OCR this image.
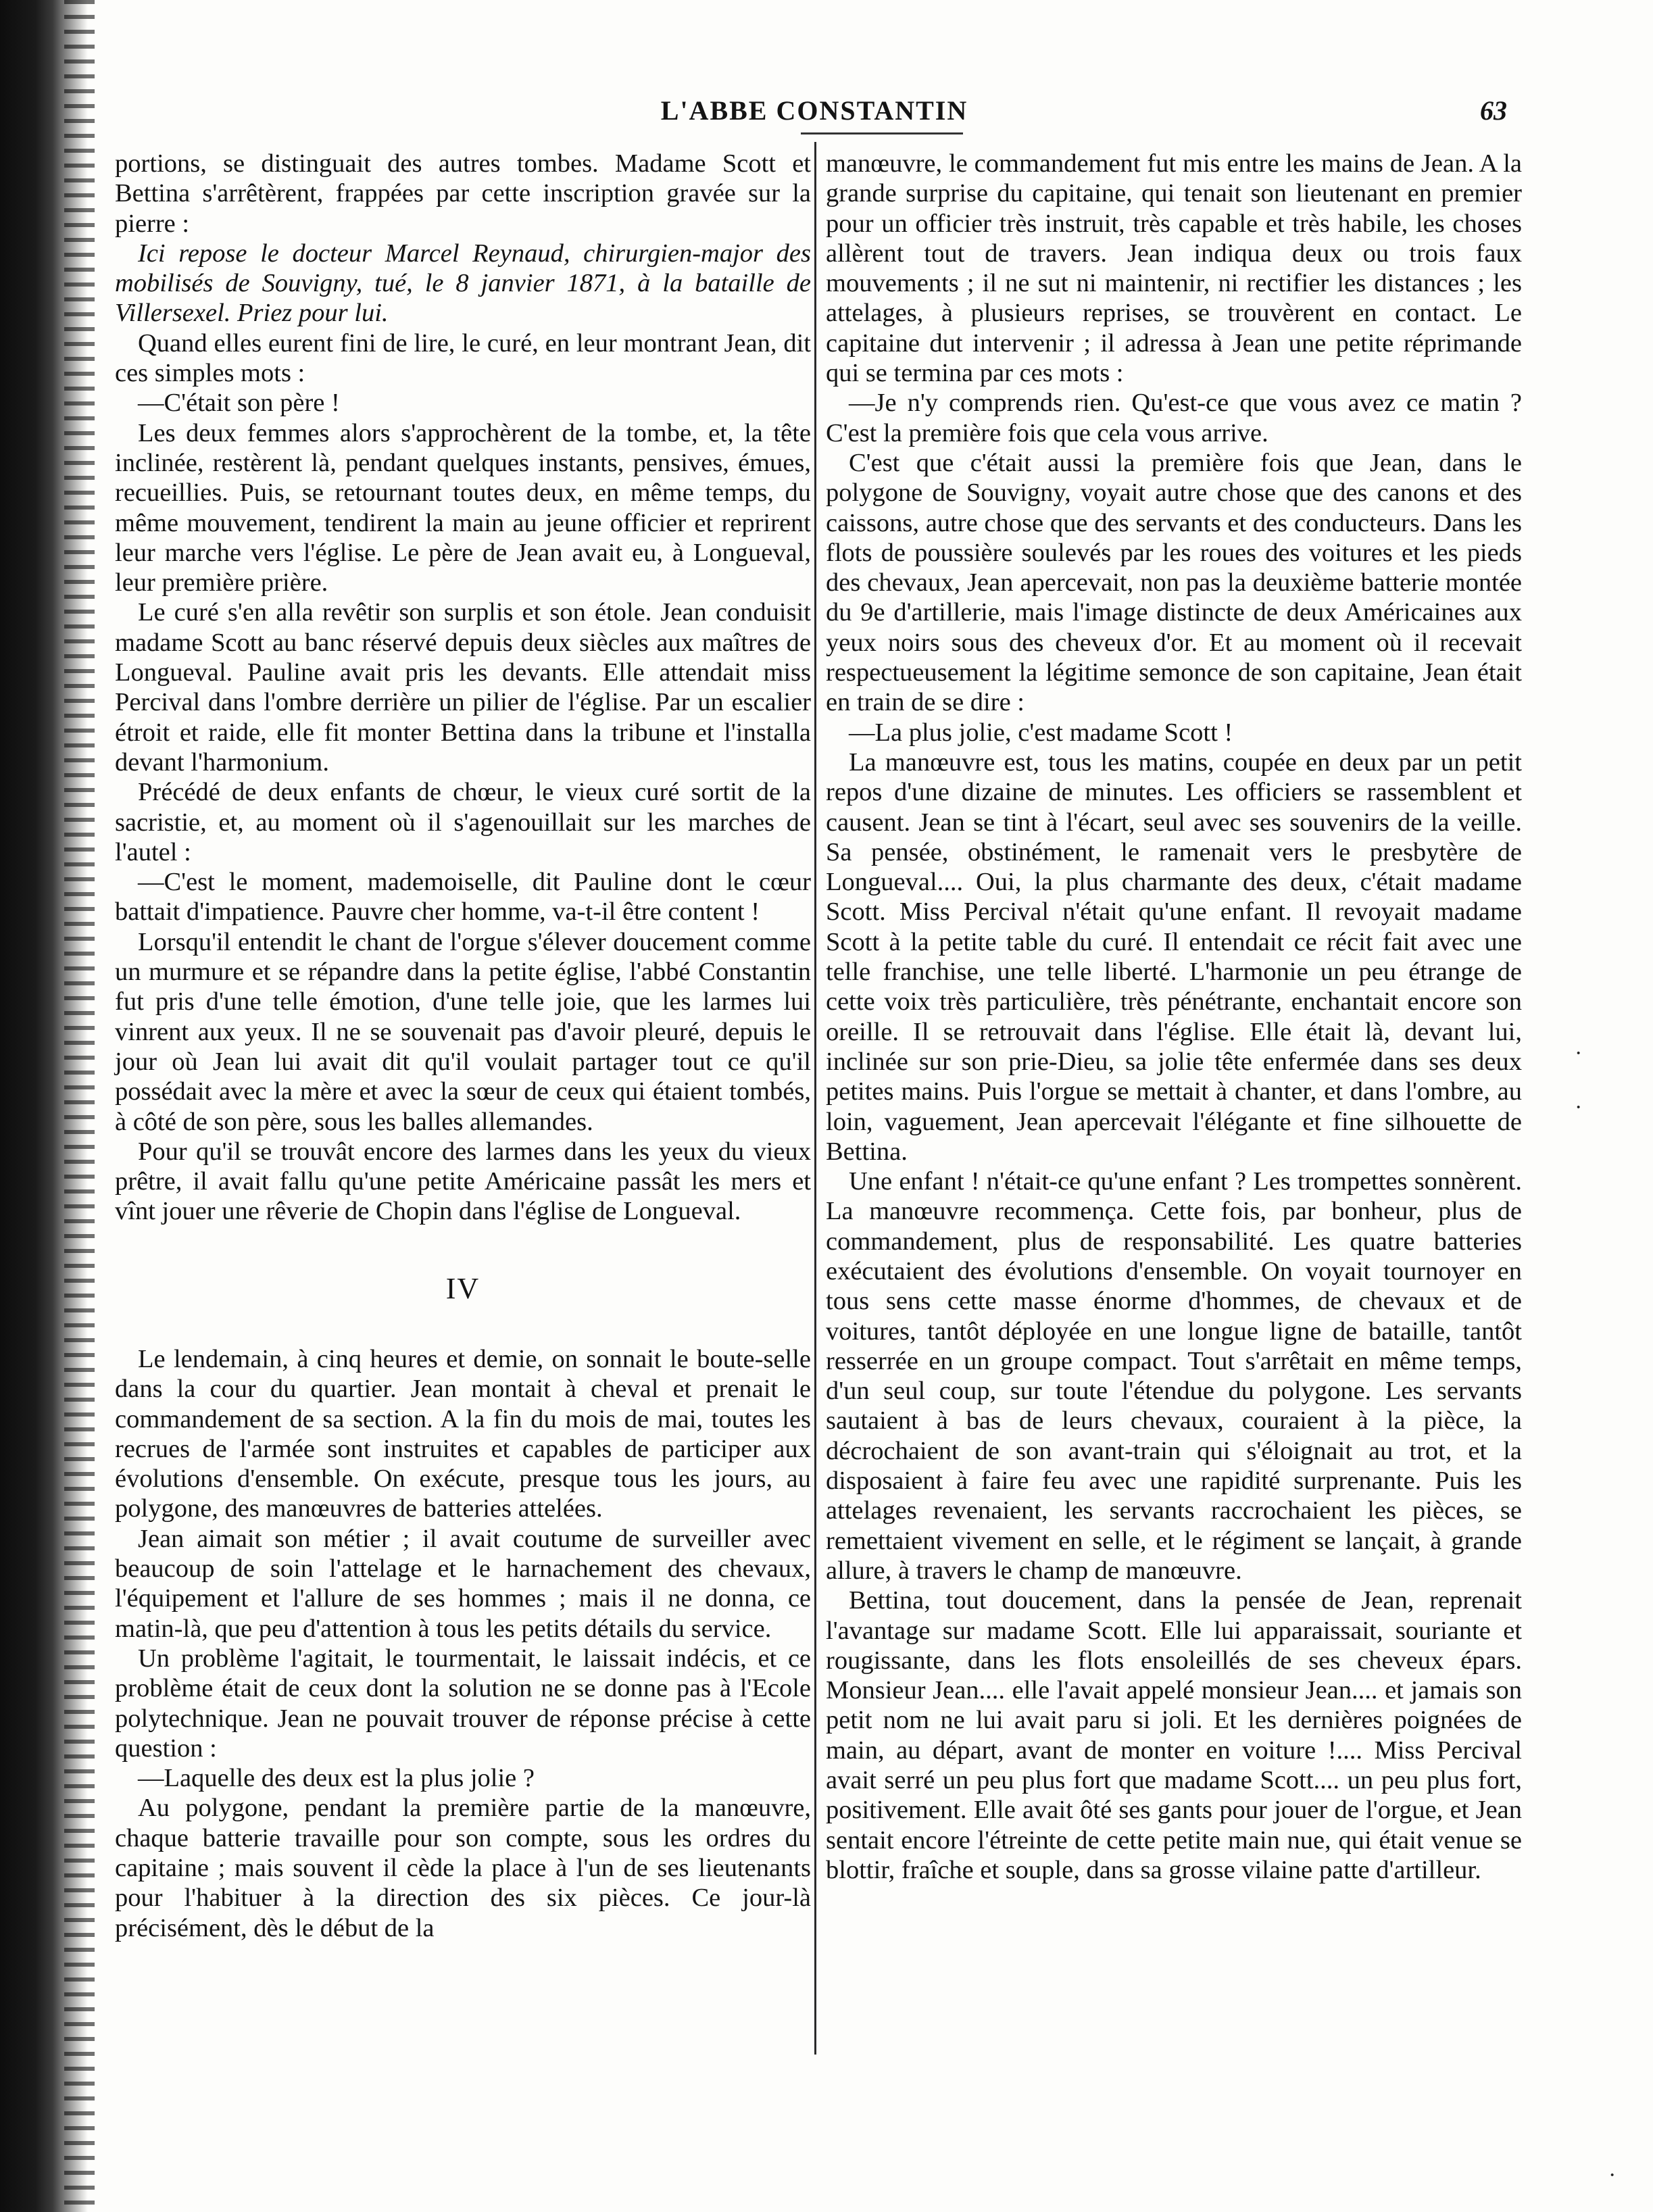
L'ABBE CONSTANTIN	63

portions, se distinguait des autres tombes. Madame Scott et Bettina s'arrêtèrent, frappées par cette inscription gravée sur la pierre :

Ici repose le docteur Marcel Reynaud, chirurgien-major des mobilisés de Souvigny, tué, le 8 janvier 1871, à la bataille de Villersexel. Priez pour lui.

Quand elles eurent fini de lire, le curé, en leur montrant Jean, dit ces simples mots :

—C'était son père !

Les deux femmes alors s'approchèrent de la tombe, et, la tête inclinée, restèrent là, pendant quelques instants, pensives, émues, recueillies. Puis, se retournant toutes deux, en même temps, du même mouvement, tendirent la main au jeune officier et reprirent leur marche vers l'église. Le père de Jean avait eu, à Longueval, leur première prière.

Le curé s'en alla revêtir son surplis et son étole. Jean conduisit madame Scott au banc réservé depuis deux siècles aux maîtres de Longueval. Pauline avait pris les devants. Elle attendait miss Percival dans l'ombre derrière un pilier de l'église. Par un escalier étroit et raide, elle fit monter Bettina dans la tribune et l'installa devant l'harmonium.

Précédé de deux enfants de chœur, le vieux curé sortit de la sacristie, et, au moment où il s'agenouillait sur les marches de l'autel :

—C'est le moment, mademoiselle, dit Pauline dont le cœur battait d'impatience. Pauvre cher homme, va-t-il être content !

Lorsqu'il entendit le chant de l'orgue s'élever doucement comme un murmure et se répandre dans la petite église, l'abbé Constantin fut pris d'une telle émotion, d'une telle joie, que les larmes lui vinrent aux yeux. Il ne se souvenait pas d'avoir pleuré, depuis le jour où Jean lui avait dit qu'il voulait partager tout ce qu'il possédait avec la mère et avec la sœur de ceux qui étaient tombés, à côté de son père, sous les balles allemandes.

Pour qu'il se trouvât encore des larmes dans les yeux du vieux prêtre, il avait fallu qu'une petite Américaine passât les mers et vînt jouer une rêverie de Chopin dans l'église de Longueval.

IV

Le lendemain, à cinq heures et demie, on sonnait le boute-selle dans la cour du quartier. Jean montait à cheval et prenait le commandement de sa section. A la fin du mois de mai, toutes les recrues de l'armée sont instruites et capables de participer aux évolutions d'ensemble. On exécute, presque tous les jours, au polygone, des manœuvres de batteries attelées.

Jean aimait son métier ; il avait coutume de surveiller avec beaucoup de soin l'attelage et le harnachement des chevaux, l'équipement et l'allure de ses hommes ; mais il ne donna, ce matin-là, que peu d'attention à tous les petits détails du service.

Un problème l'agitait, le tourmentait, le laissait indécis, et ce problème était de ceux dont la solution ne se donne pas à l'Ecole polytechnique. Jean ne pouvait trouver de réponse précise à cette question :

—Laquelle des deux est la plus jolie ?

Au polygone, pendant la première partie de la manœuvre, chaque batterie travaille pour son compte, sous les ordres du capitaine ; mais souvent il cède la place à l'un de ses lieutenants pour l'habituer à la direction des six pièces. Ce jour-là précisément, dès le début de la

manœuvre, le commandement fut mis entre les mains de Jean. A la grande surprise du capitaine, qui tenait son lieutenant en premier pour un officier très instruit, très capable et très habile, les choses allèrent tout de travers. Jean indiqua deux ou trois faux mouvements ; il ne sut ni maintenir, ni rectifier les distances ; les attelages, à plusieurs reprises, se trouvèrent en contact. Le capitaine dut intervenir ; il adressa à Jean une petite réprimande qui se termina par ces mots :

—Je n'y comprends rien. Qu'est-ce que vous avez ce matin ? C'est la première fois que cela vous arrive.

C'est que c'était aussi la première fois que Jean, dans le polygone de Souvigny, voyait autre chose que des canons et des caissons, autre chose que des servants et des conducteurs. Dans les flots de poussière soulevés par les roues des voitures et les pieds des chevaux, Jean apercevait, non pas la deuxième batterie montée du 9e d'artillerie, mais l'image distincte de deux Américaines aux yeux noirs sous des cheveux d'or. Et au moment où il recevait respectueusement la légitime semonce de son capitaine, Jean était en train de se dire :

—La plus jolie, c'est madame Scott !

La manœuvre est, tous les matins, coupée en deux par un petit repos d'une dizaine de minutes. Les officiers se rassemblent et causent. Jean se tint à l'écart, seul avec ses souvenirs de la veille. Sa pensée, obstinément, le ramenait vers le presbytère de Longueval.... Oui, la plus charmante des deux, c'était madame Scott. Miss Percival n'était qu'une enfant. Il revoyait madame Scott à la petite table du curé. Il entendait ce récit fait avec une telle franchise, une telle liberté. L'harmonie un peu étrange de cette voix très particulière, très pénétrante, enchantait encore son oreille. Il se retrouvait dans l'église. Elle était là, devant lui, inclinée sur son prie-Dieu, sa jolie tête enfermée dans ses deux petites mains. Puis l'orgue se mettait à chanter, et dans l'ombre, au loin, vaguement, Jean apercevait l'élégante et fine silhouette de Bettina.

Une enfant ! n'était-ce qu'une enfant ? Les trompettes sonnèrent. La manœuvre recommença. Cette fois, par bonheur, plus de commandement, plus de responsabilité. Les quatre batteries exécutaient des évolutions d'ensemble. On voyait tournoyer en tous sens cette masse énorme d'hommes, de chevaux et de voitures, tantôt déployée en une longue ligne de bataille, tantôt resserrée en un groupe compact. Tout s'arrêtait en même temps, d'un seul coup, sur toute l'étendue du polygone. Les servants sautaient à bas de leurs chevaux, couraient à la pièce, la décrochaient de son avant-train qui s'éloignait au trot, et la disposaient à faire feu avec une rapidité surprenante. Puis les attelages revenaient, les servants raccrochaient les pièces, se remettaient vivement en selle, et le régiment se lançait, à grande allure, à travers le champ de manœuvre.

Bettina, tout doucement, dans la pensée de Jean, reprenait l'avantage sur madame Scott. Elle lui apparaissait, souriante et rougissante, dans les flots ensoleillés de ses cheveux épars. Monsieur Jean.... elle l'avait appelé monsieur Jean.... et jamais son petit nom ne lui avait paru si joli. Et les dernières poignées de main, au départ, avant de monter en voiture !.... Miss Percival avait serré un peu plus fort que madame Scott.... un peu plus fort, positivement. Elle avait ôté ses gants pour jouer de l'orgue, et Jean sentait encore l'étreinte de cette petite main nue, qui était venue se blottir, fraîche et souple, dans sa grosse vilaine patte d'artilleur.

·
·
·
